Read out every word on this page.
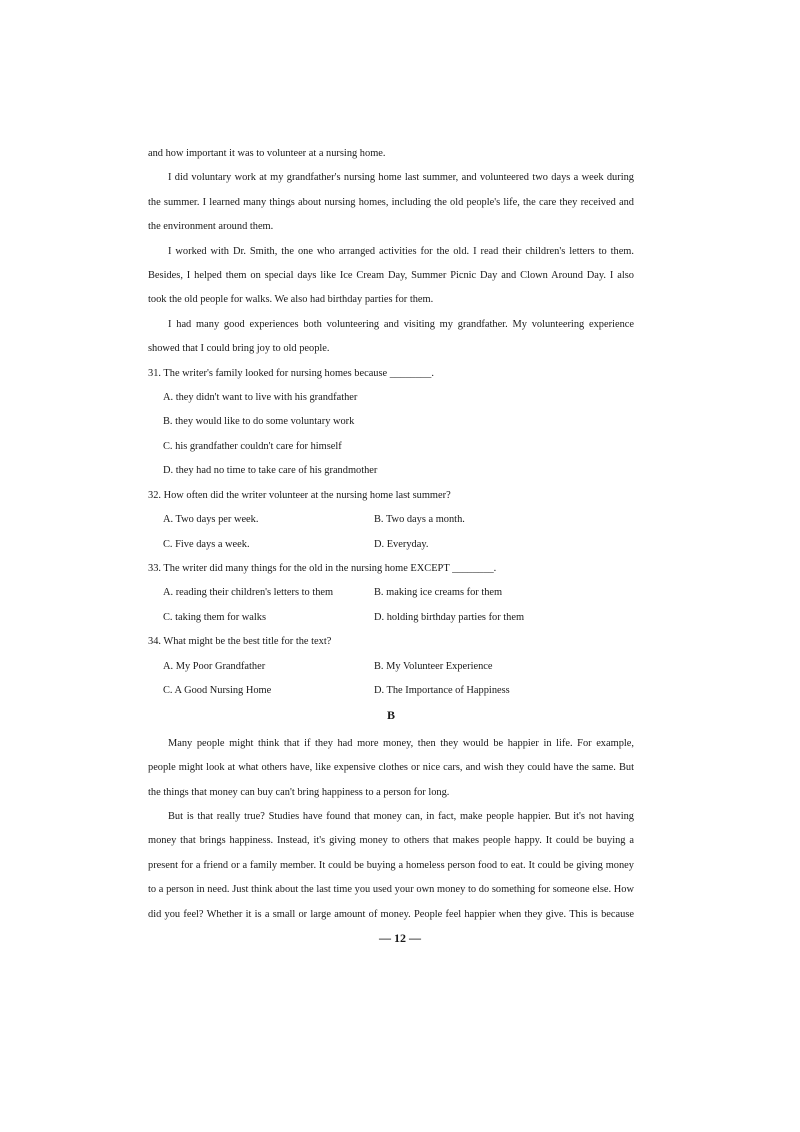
and how important it was to volunteer at a nursing home.

I did voluntary work at my grandfather's nursing home last summer, and volunteered two days a week during

the summer. I learned many things about nursing homes, including the old people's life, the care they received and

the environment around them.

I worked with Dr. Smith, the one who arranged activities for the old. I read their children's letters to them.

Besides, I helped them on special days like Ice Cream Day, Summer Picnic Day and Clown Around Day. I also

took the old people for walks. We also had birthday parties for them.

I had many good experiences both volunteering and visiting my grandfather. My volunteering experience

showed that I could bring joy to old people.

31. The writer's family looked for nursing homes because ________.

A. they didn't want to live with his grandfather

B. they would like to do some voluntary work

C. his grandfather couldn't care for himself

D. they had no time to take care of his grandmother

32. How often did the writer volunteer at the nursing home last summer?

A. Two days per week.	B. Two days a month.
C. Five days a week.	D. Everyday.

33. The writer did many things for the old in the nursing home EXCEPT ________.

A. reading their children's letters to them	B. making ice creams for them
C. taking them for walks	D. holding birthday parties for them

34. What might be the best title for the text?

A. My Poor Grandfather	B. My Volunteer Experience
C. A Good Nursing Home	D. The Importance of Happiness

B

Many people might think that if they had more money, then they would be happier in life. For example,

people might look at what others have, like expensive clothes or nice cars, and wish they could have the same. But

the things that money can buy can't bring happiness to a person for long.

But is that really true? Studies have found that money can, in fact, make people happier. But it's not having

money that brings happiness. Instead, it's giving money to others that makes people happy. It could be buying a

present for a friend or a family member. It could be buying a homeless person food to eat. It could be giving money

to a person in need. Just think about the last time you used your own money to do something for someone else. How

did you feel? Whether it is a small or large amount of money. People feel happier when they give. This is because

— 12 —
